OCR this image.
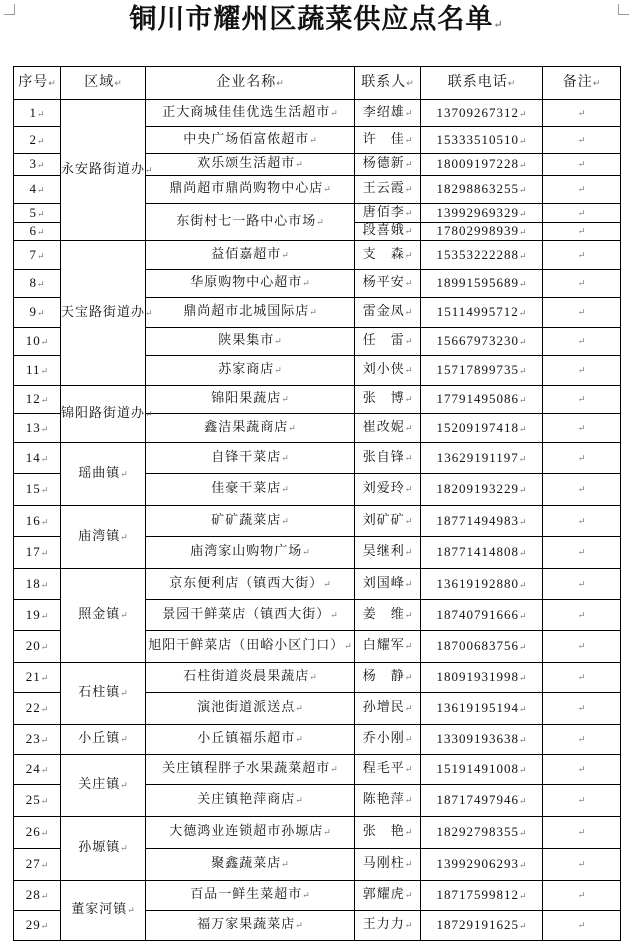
铜川市耀州区蔬菜供应点名单↵
序号↵	区域↵	企业名称↵	联系人↵	联系电话↵	备注↵
1↵	永安路街道办↵	正大商城佳佳优选生活超市↵	李绍雄↵	13709267312↵	↵
2↵		中央广场佰富侬超市↵	许　佳↵	15333510510↵	↵
3↵		欢乐颂生活超市↵	杨德新↵	18009197228↵	↵
4↵		鼎尚超市鼎尚购物中心店↵	王云霞↵	18298863255↵	↵
5↵		东街村七一路中心市场↵	唐佰李↵	13992969329↵	↵
6↵			段喜娥↵	17802998939↵	↵
7↵	天宝路街道办↵	益佰嘉超市↵	支　森↵	15353222288↵	↵
8↵		华原购物中心超市↵	杨平安↵	18991595689↵	↵
9↵		鼎尚超市北城国际店↵	雷金凤↵	15114995712↵	↵
10↵		陕果集市↵	任　雷↵	15667973230↵	↵
11↵		苏家商店↵	刘小侠↵	15717899735↵	↵
12↵	锦阳路街道办↵	锦阳果蔬店↵	张　博↵	17791495086↵	↵
13↵		鑫洁果蔬商店↵	崔改妮↵	15209197418↵	↵
14↵	瑶曲镇↵	自锋干菜店↵	张自锋↵	13629191197↵	↵
15↵		佳豪干菜店↵	刘爱玲↵	18209193229↵	↵
16↵	庙湾镇↵	矿矿蔬菜店↵	刘矿矿↵	18771494983↵	↵
17↵		庙湾家山购物广场↵	吴继利↵	18771414808↵	↵
18↵	照金镇↵	京东便利店（镇西大街）↵	刘国峰↵	13619192880↵	↵
19↵		景园干鲜菜店（镇西大街）↵	姜　维↵	18740791666↵	↵
20↵		旭阳干鲜菜店（田峪小区门口）↵	白耀军↵	18700683756↵	↵
21↵	石柱镇↵	石柱街道炎晨果蔬店↵	杨　静↵	18091931998↵	↵
22↵		演池街道派送点↵	孙增民↵	13619195194↵	↵
23↵	小丘镇↵	小丘镇福乐超市↵	乔小刚↵	13309193638↵	↵
24↵	关庄镇↵	关庄镇程胖子水果蔬菜超市↵	程毛平↵	15191491008↵	↵
25↵		关庄镇艳萍商店↵	陈艳萍↵	18717497946↵	↵
26↵	孙塬镇↵	大德鸿业连锁超市孙塬店↵	张　艳↵	18292798355↵	↵
27↵		聚鑫蔬菜店↵	马刚柱↵	13992906293↵	↵
28↵	董家河镇↵	百品一鲜生菜超市↵	郭耀虎↵	18717599812↵	↵
29↵		福万家果蔬菜店↵	王力力↵	18729191625↵	↵
